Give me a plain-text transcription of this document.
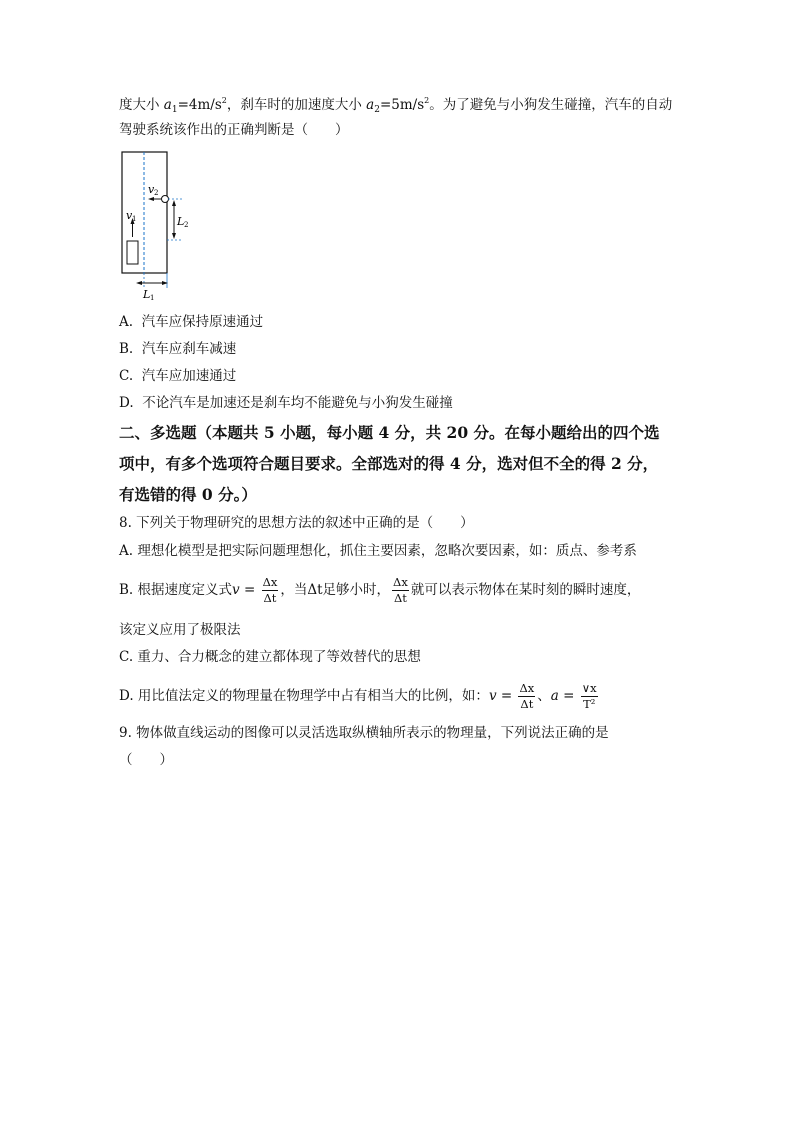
度大小 $a_1=4m/s^2$，刹车时的加速度大小 $a_2=5m/s^2$。为了避免与小狗发生碰撞，汽车的自动
驾驶系统该作出的正确判断是（　　）
v 1
v 2
L 2
L 1
A. 汽车应保持原速通过
B. 汽车应刹车减速
C. 汽车应加速通过
D. 不论汽车是加速还是刹车均不能避免与小狗发生碰撞
二、多选题（本题共 5 小题，每小题 4 分，共 20 分。在每小题给出的四个选
项中，有多个选项符合题目要求。全部选对的得 4 分，选对但不全的得 2 分，
有选错的得 0 分。）
8. 下列关于物理研究的思想方法的叙述中正确的是（　　）
A. 理想化模型是把实际问题理想化，抓住主要因素，忽略次要因素，如：质点、参考系
B. 根据速度定义式$v = \frac{\Delta x}{\Delta t}$ ，当Δt足够小时， $\frac{\Delta x}{\Delta t}$ 就可以表示物体在某时刻的瞬时速度，
该定义应用了极限法
C. 重力、合力概念的建立都体现了等效替代的思想
D. 用比值法定义的物理量在物理学中占有相当大的比例，如：$v = \frac{\Delta x}{\Delta t}$ 、$a = \frac{\vee x}{\text{T²}}$
9. 物体做直线运动的图像可以灵活选取纵横轴所表示的物理量，下列说法正确的是
（　　）
